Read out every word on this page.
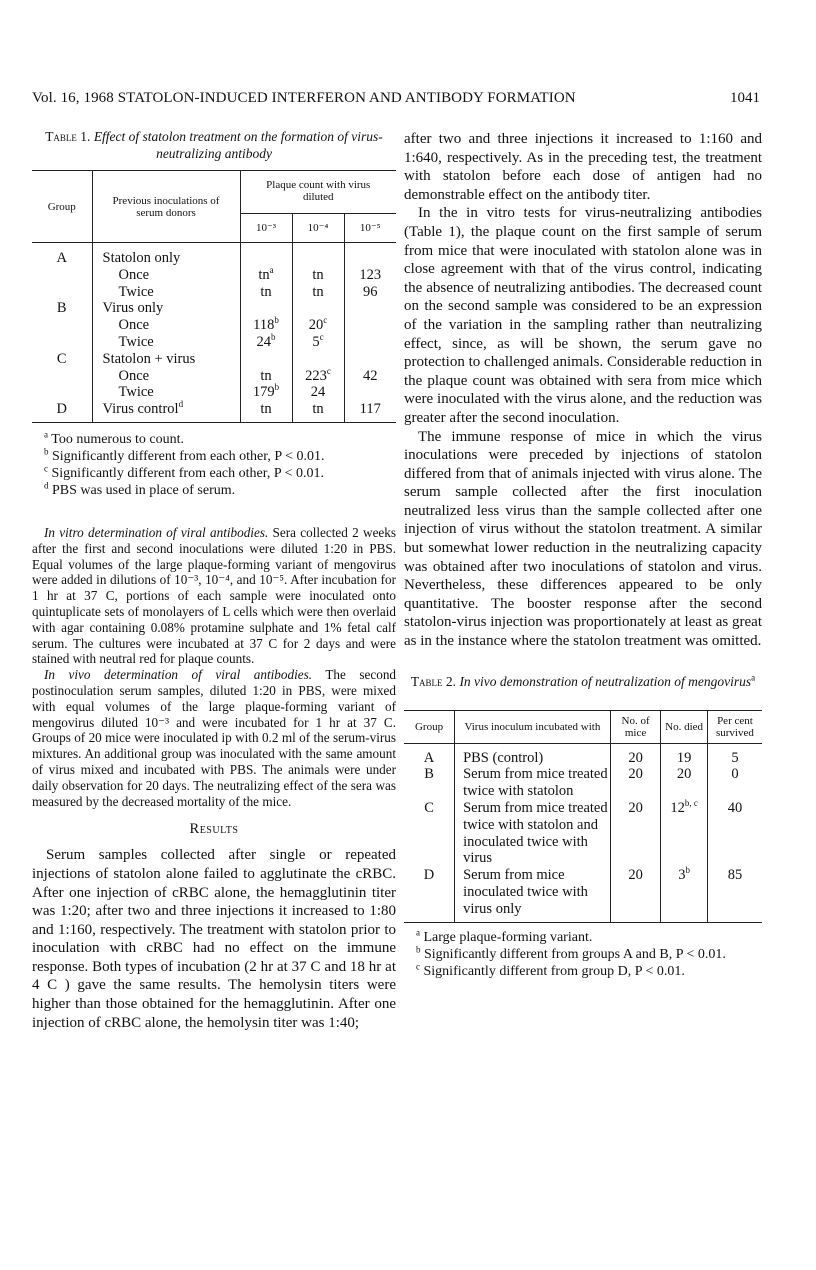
Vol. 16, 1968 STATOLON-INDUCED INTERFERON AND ANTIBODY FORMATION	1041
Table 1. Effect of statolon treatment on the formation of virus-neutralizing antibody
Group	Previous inoculations of serum donors	Plaque count with virus diluted		
		10⁻³	10⁻⁴	10⁻⁵
A	Statolon only			
	Once	$tn^a$	tn	123
	Twice	tn	tn	96
B	Virus only			
	Once	118$^b$	20$^c$	
	Twice	24$^b$	5$^c$	
C	Statolon + virus			
	Once	tn	223$^c$	42
	Twice	179$^b$	24	
D	Virus control$^d$	tn	tn	117

$^a$ Too numerous to count.

$^b$ Significantly different from each other, P < 0.01.

$^c$ Significantly different from each other, P < 0.01.

$^d$ PBS was used in place of serum.

In vitro determination of viral antibodies. Sera collected 2 weeks after the first and second inoculations were diluted 1:20 in PBS. Equal volumes of the large plaque-forming variant of mengovirus were added in dilutions of 10⁻³, 10⁻⁴, and 10⁻⁵. After incubation for 1 hr at 37 C, portions of each sample were inoculated onto quintuplicate sets of monolayers of L cells which were then overlaid with agar containing 0.08% protamine sulphate and 1% fetal calf serum. The cultures were incubated at 37 C for 2 days and were stained with neutral red for plaque counts.

In vivo determination of viral antibodies. The second postinoculation serum samples, diluted 1:20 in PBS, were mixed with equal volumes of the large plaque-forming variant of mengovirus diluted 10⁻³ and were incubated for 1 hr at 37 C. Groups of 20 mice were inoculated ip with 0.2 ml of the serum-virus mixtures. An additional group was inoculated with the same amount of virus mixed and incubated with PBS. The animals were under daily observation for 20 days. The neutralizing effect of the sera was measured by the decreased mortality of the mice.

Results

Serum samples collected after single or repeated injections of statolon alone failed to agglutinate the cRBC. After one injection of cRBC alone, the hemagglutinin titer was 1:20; after two and three injections it increased to 1:80 and 1:160, respectively. The treatment with statolon prior to inoculation with cRBC had no effect on the immune response. Both types of incubation (2 hr at 37 C and 18 hr at 4 C ) gave the same results. The hemolysin titers were higher than those obtained for the hemagglutinin. After one injection of cRBC alone, the hemolysin titer was 1:40;

after two and three injections it increased to 1:160 and 1:640, respectively. As in the preceding test, the treatment with statolon before each dose of antigen had no demonstrable effect on the antibody titer.

In the in vitro tests for virus-neutralizing antibodies (Table 1), the plaque count on the first sample of serum from mice that were inoculated with statolon alone was in close agreement with that of the virus control, indicating the absence of neutralizing antibodies. The decreased count on the second sample was considered to be an expression of the variation in the sampling rather than neutralizing effect, since, as will be shown, the serum gave no protection to challenged animals. Considerable reduction in the plaque count was obtained with sera from mice which were inoculated with the virus alone, and the reduction was greater after the second inoculation.

The immune response of mice in which the virus inoculations were preceded by injections of statolon differed from that of animals injected with virus alone. The serum sample collected after the first inoculation neutralized less virus than the sample collected after one injection of virus without the statolon treatment. A similar but somewhat lower reduction in the neutralizing capacity was obtained after two inoculations of statolon and virus. Nevertheless, these differences appeared to be only quantitative. The booster response after the second statolon-virus injection was proportionately at least as great as in the instance where the statolon treatment was omitted.

Table 2. In vivo demonstration of neutralization of mengovirus$^a$
Group	Virus inoculum incubated with	No. of mice	No. died	Per cent survived
A	PBS (control)	20	19	5
B	Serum from mice treated twice with statolon	20	20	0
C	Serum from mice treated twice with statolon and inoculated twice with virus	20	12$^{b, c}$	40
D	Serum from mice inoculated twice with virus only	20	3$^b$	85

$^a$ Large plaque-forming variant.

$^b$ Significantly different from groups A and B, P < 0.01.

$^c$ Significantly different from group D, P < 0.01.
